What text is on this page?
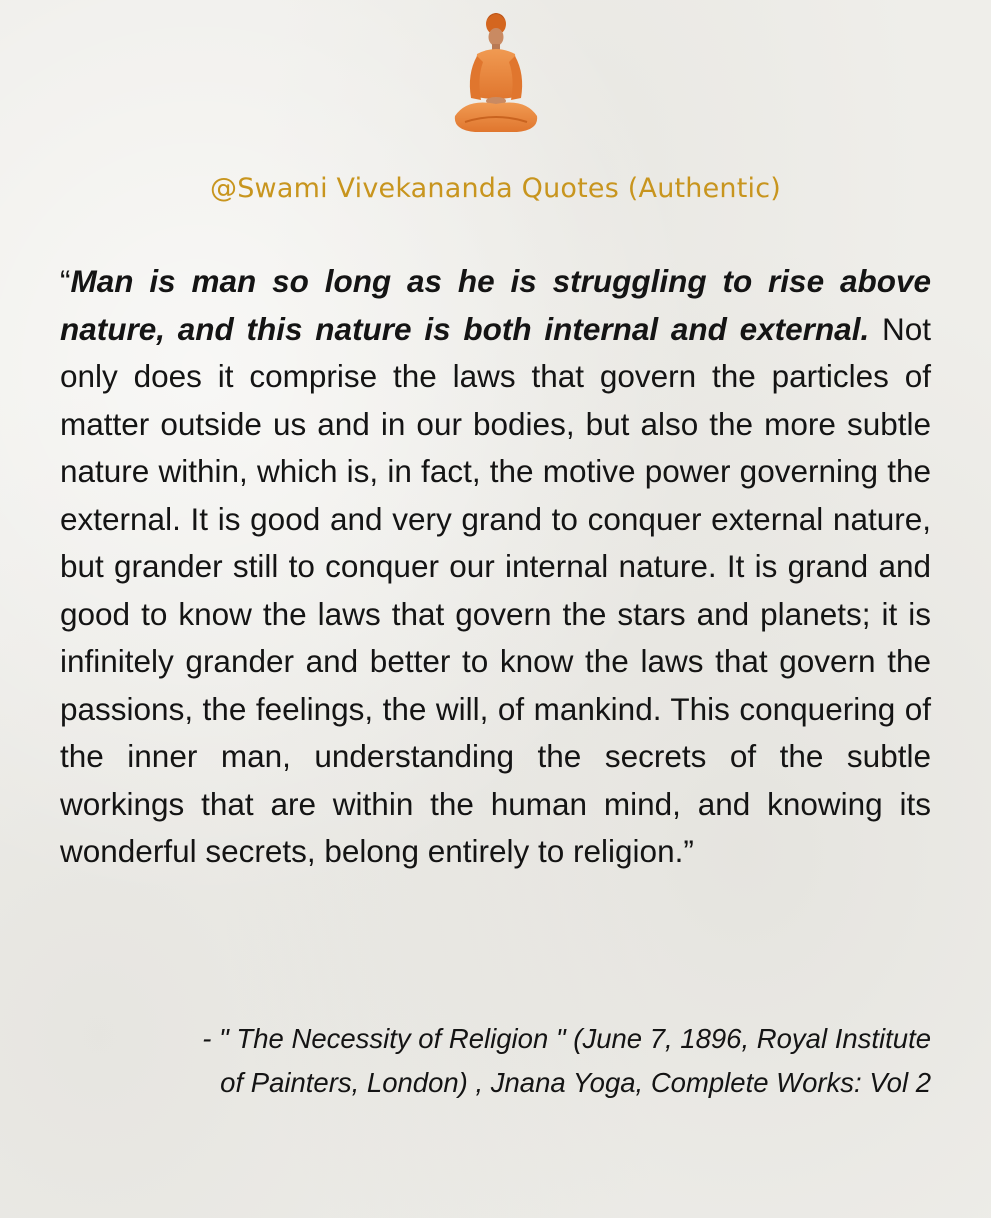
@Swami Vivekananda Quotes (Authentic)
“Man is man so long as he is struggling to rise above nature, and this nature is both internal and external. Not only does it comprise the laws that govern the particles of matter outside us and in our bodies, but also the more subtle nature within, which is, in fact, the motive power governing the external. It is good and very grand to conquer external nature, but grander still to conquer our internal nature. It is grand and good to know the laws that govern the stars and planets; it is infinitely grander and better to know the laws that govern the passions, the feelings, the will, of mankind. This conquering of the inner man, understanding the secrets of the subtle workings that are within the human mind, and knowing its wonderful secrets, belong entirely to religion.”
- " The Necessity of Religion " (June 7, 1896, Royal Institute
of Painters, London) , Jnana Yoga, Complete Works: Vol 2
